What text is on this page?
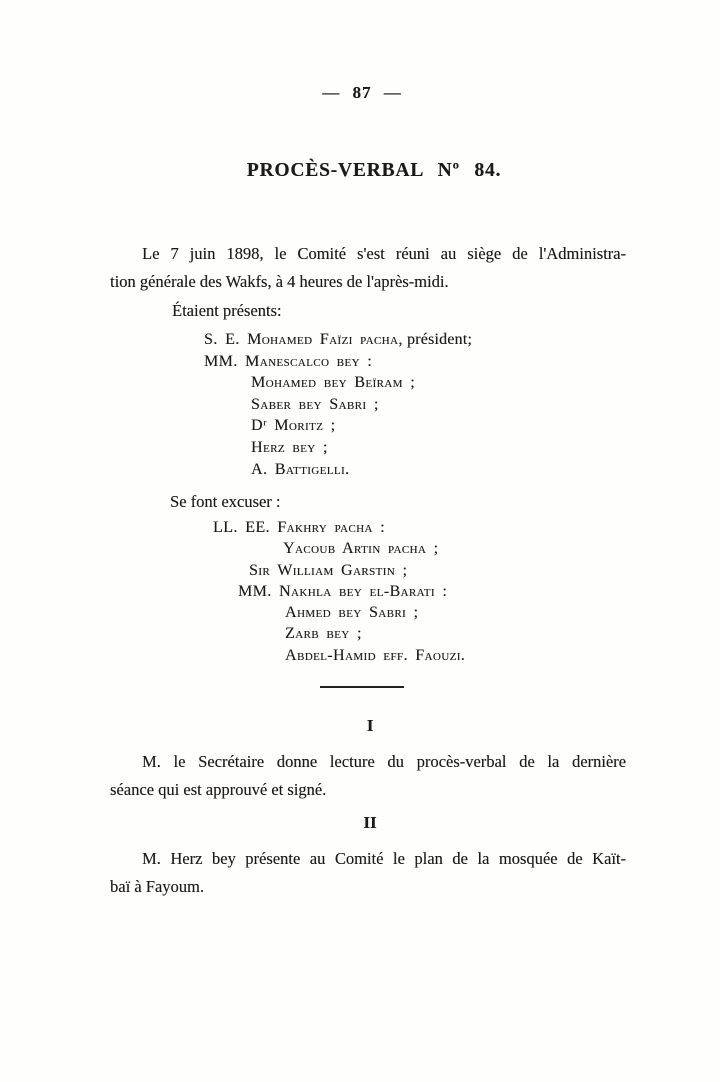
— 87 —
PROCÈS-VERBAL Nº 84.
Le 7 juin 1898, le Comité s'est réuni au siège de l'Administra-
tion générale des Wakfs, à 4 heures de l'après-midi.
Étaient présents:
S. E. Mohamed Faïzi pacha, président;
MM. Manescalco bey :
Mohamed bey Beïram ;
Saber bey Sabri ;
Dʳ Moritz ;
Herz bey ;
A. Battigelli.
Se font excuser :
LL. EE. Fakhry pacha :
Yacoub Artin pacha ;
Sir William Garstin ;
MM. Nakhla bey el-Barati :
Ahmed bey Sabri ;
Zarb bey ;
Abdel-Hamid eff. Faouzi.
I
M. le Secrétaire donne lecture du procès-verbal de la dernière
séance qui est approuvé et signé.
II
M. Herz bey présente au Comité le plan de la mosquée de Kaït-
baï à Fayoum.
